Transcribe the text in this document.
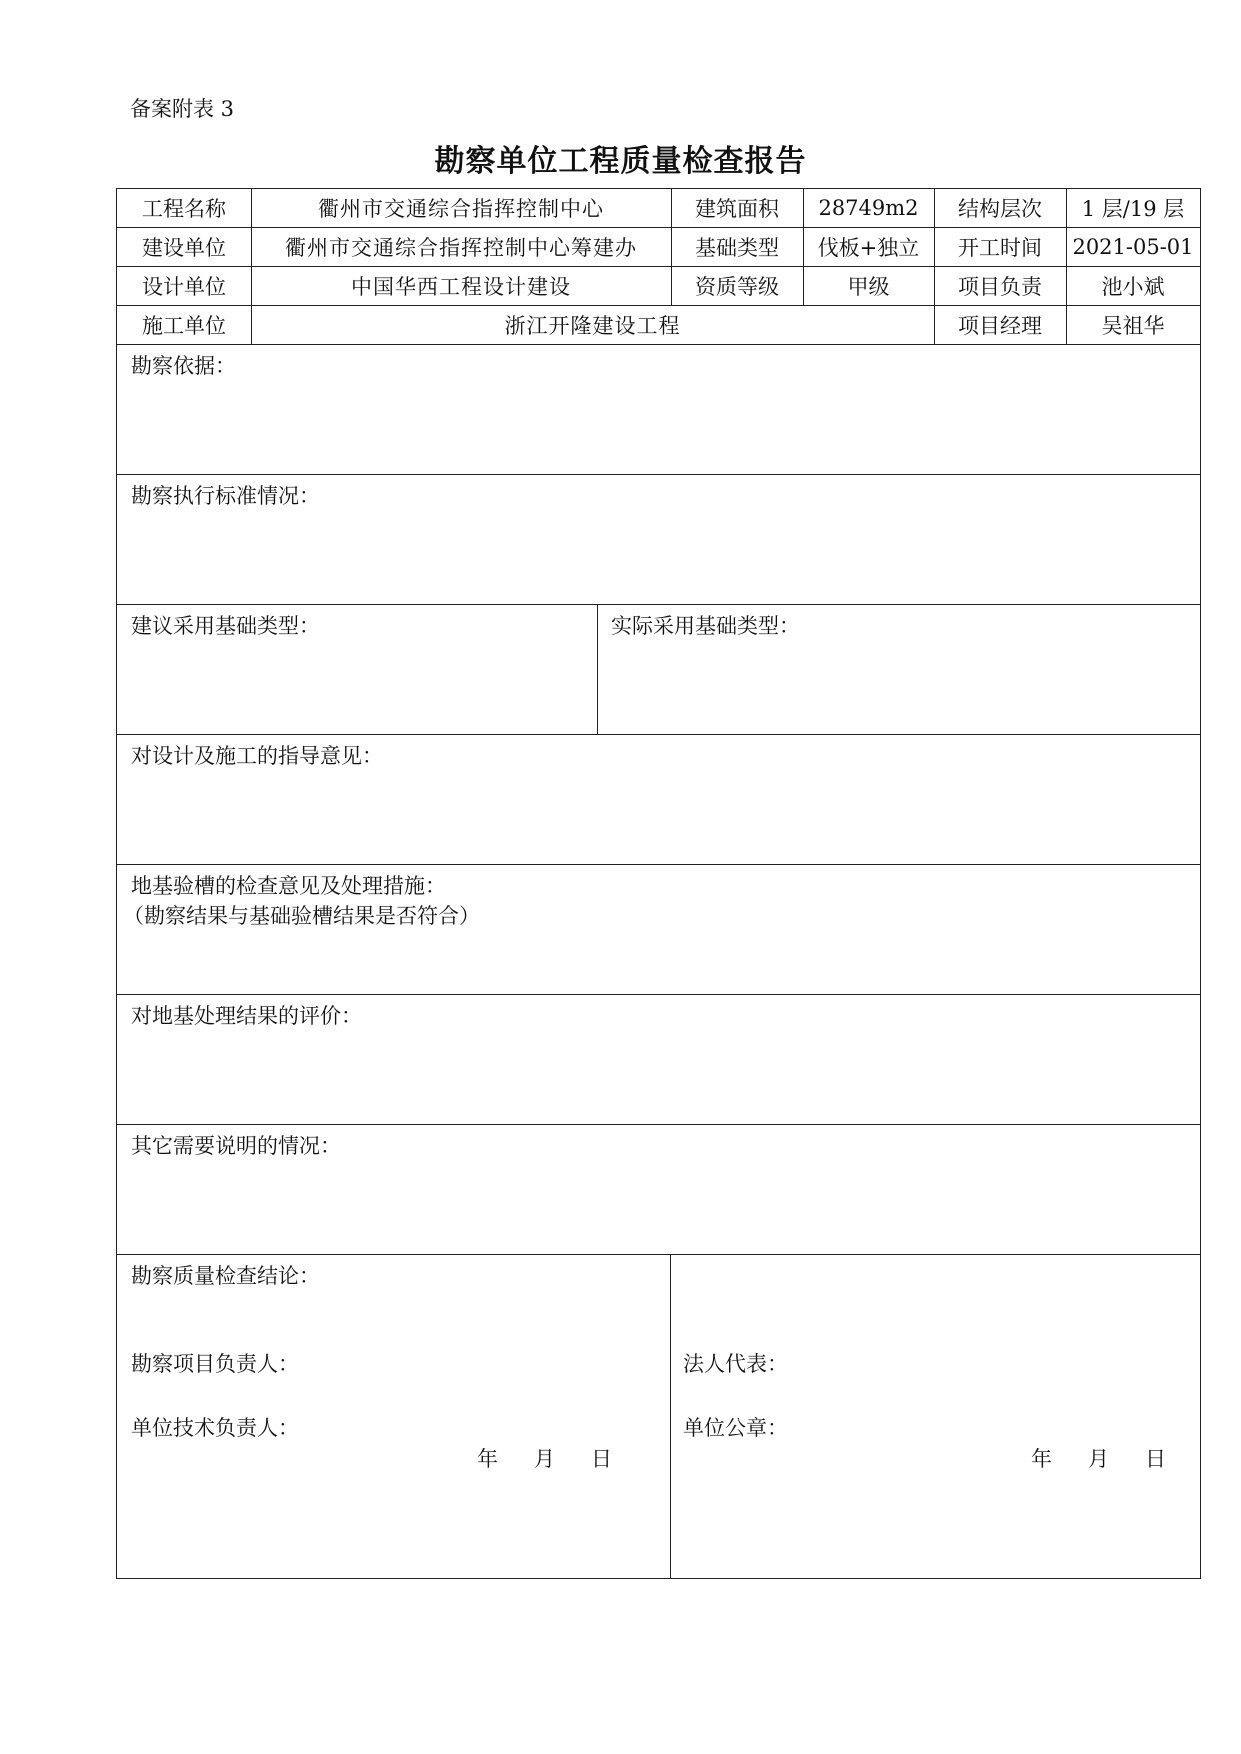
备案附表 3
勘察单位工程质量检查报告
工程名称	衢州市交通综合指挥控制中心	建筑面积	28749m2	结构层次	1 层/19 层
建设单位	衢州市交通综合指挥控制中心筹建办	基础类型	伐板+独立	开工时间	2021-05-01
设计单位	中国华西工程设计建设	资质等级	甲级	项目负责	池小斌
施工单位	浙江开隆建设工程	项目经理	吴祖华
勘察依据：
勘察执行标准情况：
建议采用基础类型：	实际采用基础类型：
对设计及施工的指导意见：
地基验槽的检查意见及处理措施：
（勘察结果与基础验槽结果是否符合）
对地基处理结果的评价：
其它需要说明的情况：
勘察质量检查结论：
勘察项目负责人：
单位技术负责人：
年 月 日
法人代表：
单位公章：
年 月 日
